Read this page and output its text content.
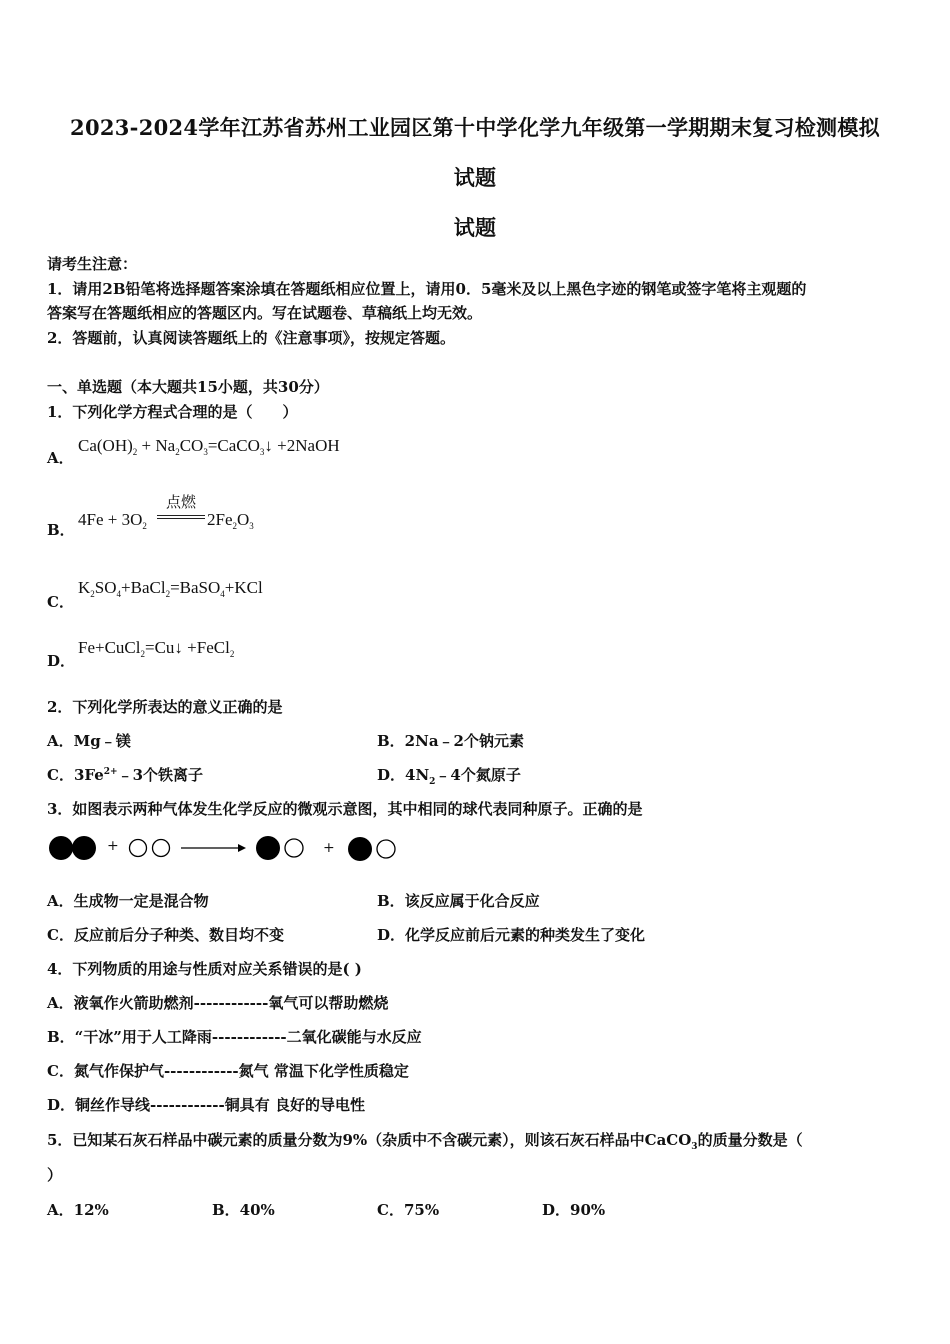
2023-2024学年江苏省苏州工业园区第十中学化学九年级第一学期期末复习检测模拟
试题
试题
请考生注意：
1．请用2B铅笔将选择题答案涂填在答题纸相应位置上，请用0．5毫米及以上黑色字迹的钢笔或签字笔将主观题的
答案写在答题纸相应的答题区内。写在试题卷、草稿纸上均无效。
2．答题前，认真阅读答题纸上的《注意事项》，按规定答题。
一、单选题（本大题共15小题，共30分）
1．下列化学方程式合理的是（　　）
A．
$Ca(OH)_2$ + $Na_2CO_3=CaCO_3↓$ +2NaOH
B．
$4Fe + 3O_2$
点燃
$2Fe_2O_3$
C．
$K_2SO_4+BaCl_2=BaSO_4+KCl$
D．
Fe+CuCl$_2$=Cu↓ +FeCl$_2$
2．下列化学所表达的意义正确的是
A．Mg﹣镁	B．2Na﹣2个钠元素
C．$3Fe^{2+}﹣3$个铁离子	D．$4N_2﹣4$个氮原子
3．如图表示两种气体发生化学反应的微观示意图，其中相同的球代表同种原子。正确的是
+	+
A．生成物一定是混合物	B．该反应属于化合反应
C．反应前后分子种类、数目均不变	D．化学反应前后元素的种类发生了变化
4．下列物质的用途与性质对应关系错误的是( )
A．液氧作火箭助燃剂------------氧气可以帮助燃烧
B．“干冰”用于人工降雨------------二氧化碳能与水反应
C．氮气作保护气------------氮气 常温下化学性质稳定
D．铜丝作导线------------铜具有 良好的导电性
5．已知某石灰石样品中碳元素的质量分数为9%（杂质中不含碳元素），则该石灰石样品中CaCO$_3$的质量分数是（
）
A．12%	B．40%	C．75%	D．90%
